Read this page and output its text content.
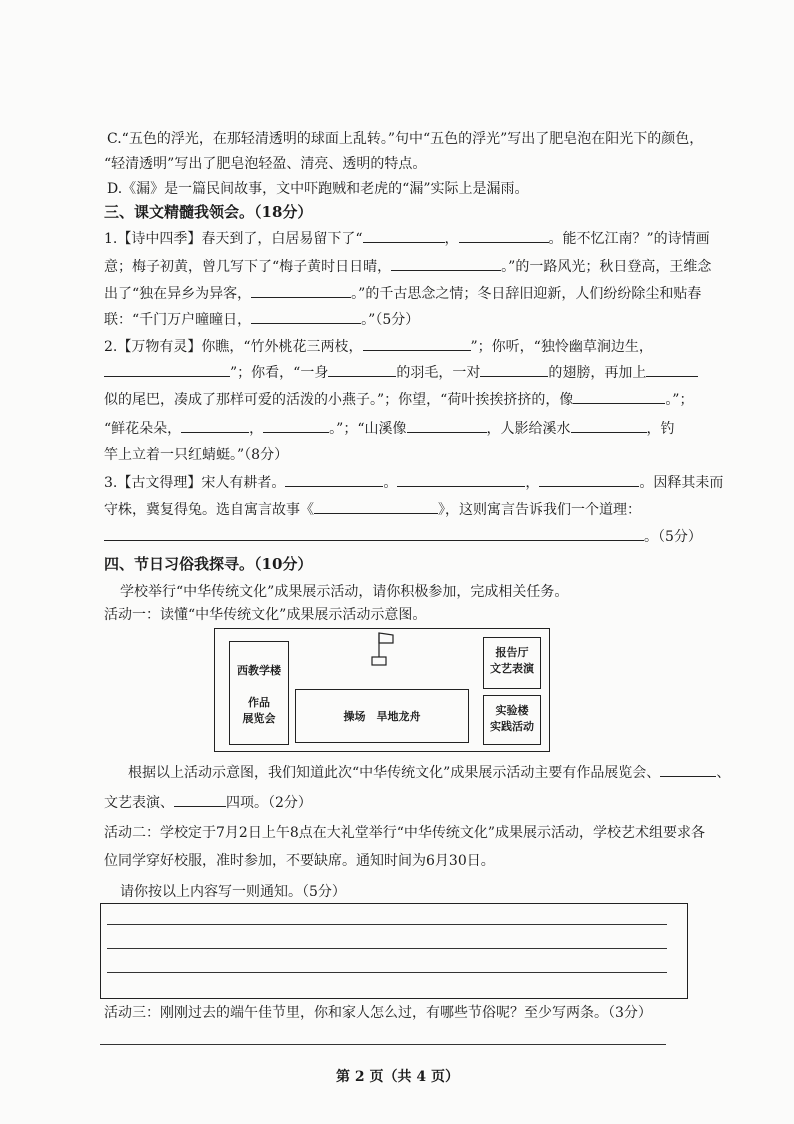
C.“五色的浮光，在那轻清透明的球面上乱转。”句中“五色的浮光”写出了肥皂泡在阳光下的颜色，
“轻清透明”写出了肥皂泡轻盈、清亮、透明的特点。
D.《漏》是一篇民间故事，文中吓跑贼和老虎的“漏”实际上是漏雨。
三、课文精髓我领会。（18分）
1.【诗中四季】春天到了，白居易留下了“	，	。能不忆江南？”的诗情画
意；梅子初黄，曾几写下了“梅子黄时日日晴，	。”的一路风光；秋日登高，王维念
出了“独在异乡为异客，	。”的千古思念之情；冬日辞旧迎新，人们纷纷除尘和贴春
联：“千门万户曈曈日，	。”（5分）
2.【万物有灵】你瞧，“竹外桃花三两枝，	”；你听，“独怜幽草涧边生，
”；你看，“一身	的羽毛，一对	的翅膀，再加上
似的尾巴，凑成了那样可爱的活泼的小燕子。”；你望，“荷叶挨挨挤挤的，像	。”；
“鲜花朵朵，	，	。”；“山溪像	，人影给溪水	，钓
竿上立着一只红蜻蜓。”（8分）
3.【古文得理】宋人有耕者。	。	，	。因释其耒而
守株，冀复得兔。选自寓言故事《	》，这则寓言告诉我们一个道理：
。（5分）
四、节日习俗我探寻。（10分）
学校举行“中华传统文化”成果展示活动，请你积极参加，完成相关任务。
活动一：读懂“中华传统文化”成果展示活动示意图。
西教学楼
作品
展览会	操场　旱地龙舟
报告厅
文艺表演
实验楼
实践活动
根据以上活动示意图，我们知道此次“中华传统文化”成果展示活动主要有作品展览会、	、
文艺表演、	四项。（2分）
活动二：学校定于7月2日上午8点在大礼堂举行“中华传统文化”成果展示活动，学校艺术组要求各
位同学穿好校服，准时参加，不要缺席。通知时间为6月30日。
请你按以上内容写一则通知。（5分）
活动三：刚刚过去的端午佳节里，你和家人怎么过，有哪些节俗呢？至少写两条。（3分）
第 2 页（共 4 页）
